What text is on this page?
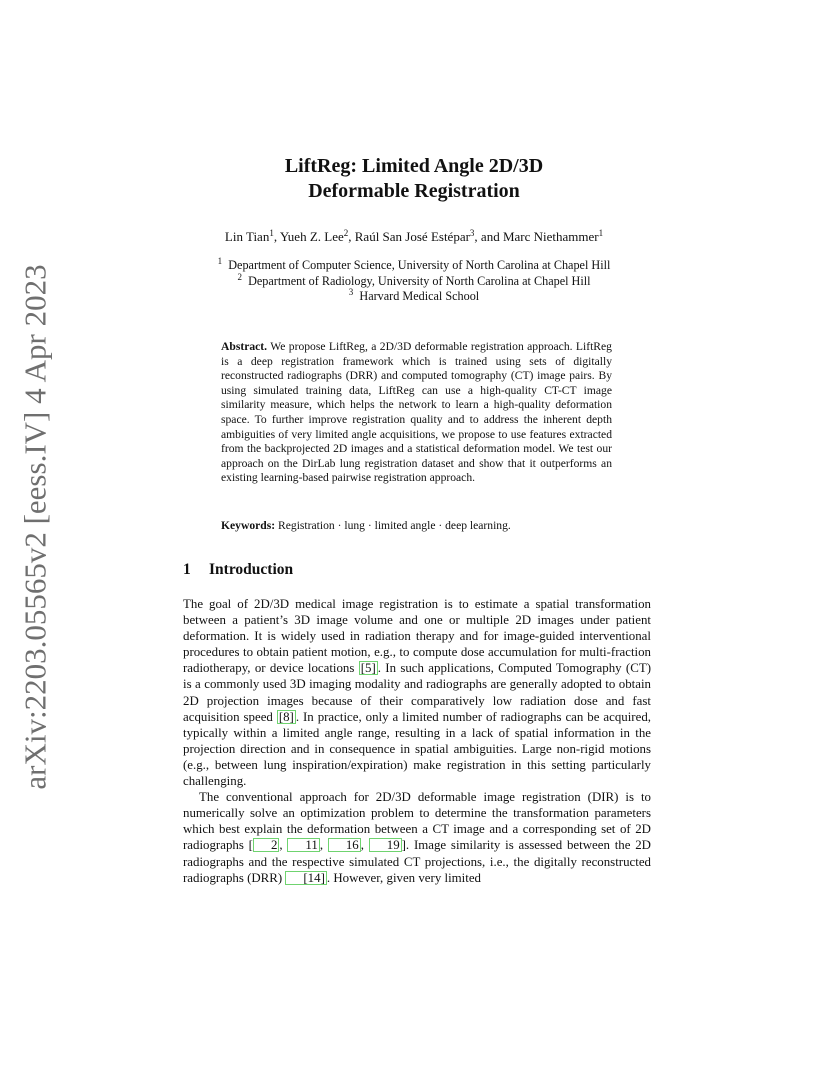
arXiv:2203.05565v2 [eess.IV] 4 Apr 2023
LiftReg: Limited Angle 2D/3D
Deformable Registration
Lin Tian$^1$, Yueh Z. Lee$^2$, Raúl San José Estépar$^3$, and Marc Niethammer$^1$
$^1$ Department of Computer Science, University of North Carolina at Chapel Hill
$^2$ Department of Radiology, University of North Carolina at Chapel Hill
$^3$ Harvard Medical School
Abstract. We propose LiftReg, a 2D/3D deformable registration approach. LiftReg is a deep registration framework which is trained using sets of digitally reconstructed radiographs (DRR) and computed tomography (CT) image pairs. By using simulated training data, LiftReg can use a high-quality CT-CT image similarity measure, which helps the network to learn a high-quality deformation space. To further improve registration quality and to address the inherent depth ambiguities of very limited angle acquisitions, we propose to use features extracted from the backprojected 2D images and a statistical deformation model. We test our approach on the DirLab lung registration dataset and show that it outperforms an existing learning-based pairwise registration approach.
Keywords: Registration · lung · limited angle · deep learning.
1 Introduction

The goal of 2D/3D medical image registration is to estimate a spatial transformation between a patient’s 3D image volume and one or multiple 2D images under patient deformation. It is widely used in radiation therapy and for image-guided interventional procedures to obtain patient motion, e.g., to compute dose accumulation for multi-fraction radiotherapy, or device locations [5] . In such applications, Computed Tomography (CT) is a commonly used 3D imaging modality and radiographs are generally adopted to obtain 2D projection images because of their comparatively low radiation dose and fast acquisition speed [8] . In practice, only a limited number of radiographs can be acquired, typically within a limited angle range, resulting in a lack of spatial information in the projection direction and in consequence in spatial ambiguities. Large non-rigid motions (e.g., between lung inspiration/expiration) make registration in this setting particularly challenging.

The conventional approach for 2D/3D deformable image registration (DIR) is to numerically solve an optimization problem to determine the transformation parameters which best explain the deformation between a CT image and a corresponding set of 2D radiographs [ 2 , 11 , 16 , 19 ]. Image similarity is assessed between the 2D radiographs and the respective simulated CT projections, i.e., the digitally reconstructed radiographs (DRR) [14] . However, given very limited
